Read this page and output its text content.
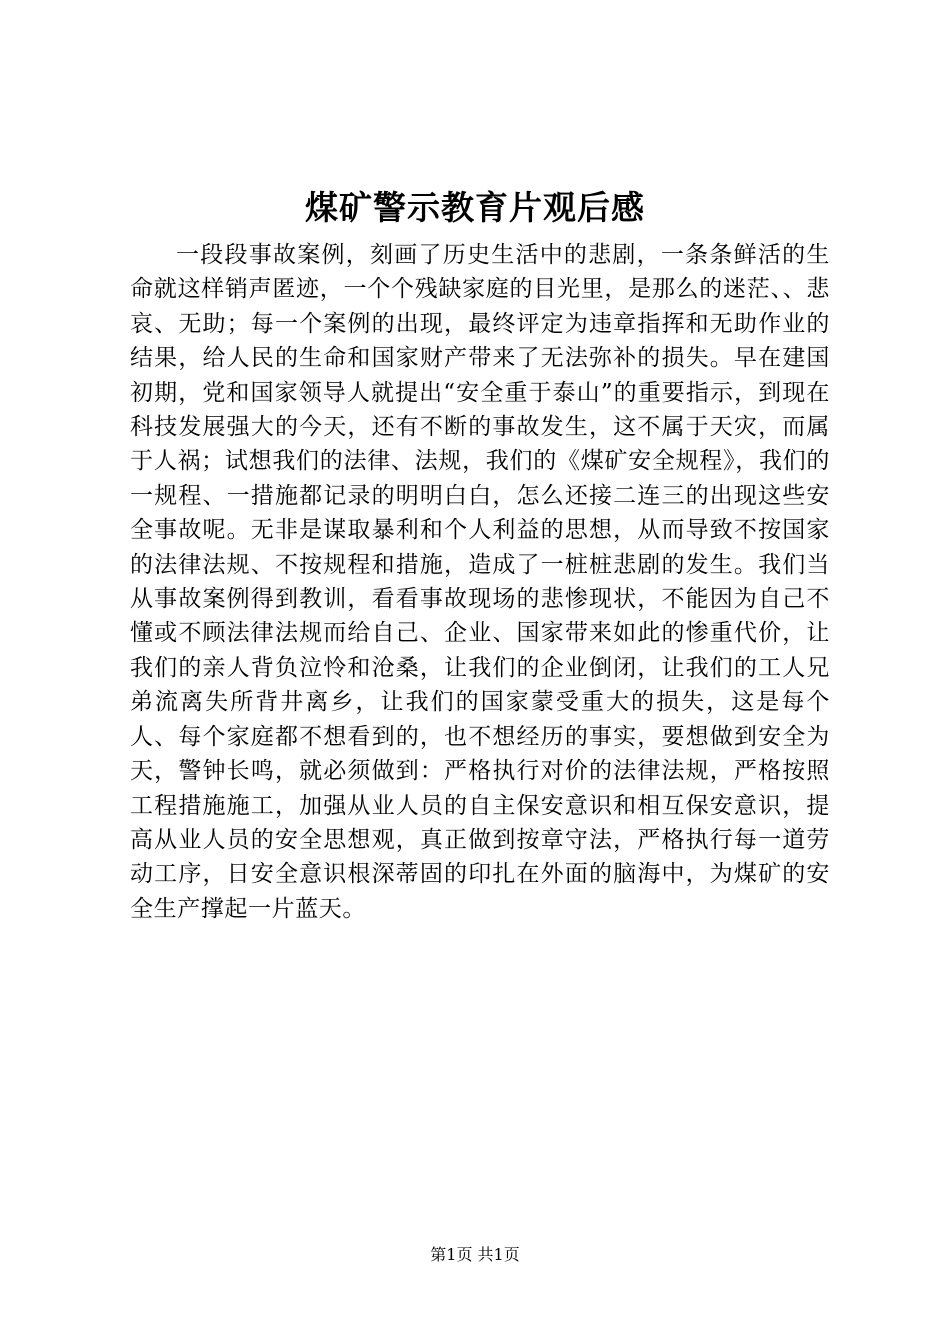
煤矿警示教育片观后感

一段段事故案例，刻画了历史生活中的悲剧，一条条鲜活的生命就这样销声匿迹，一个个残缺家庭的目光里，是那么的迷茫、、悲哀、无助；每一个案例的出现，最终评定为违章指挥和无助作业的结果，给人民的生命和国家财产带来了无法弥补的损失。早在建国初期，党和国家领导人就提出“安全重于泰山”的重要指示，到现在科技发展强大的今天，还有不断的事故发生，这不属于天灾，而属于人祸；试想我们的法律、法规，我们的《煤矿安全规程》，我们的一规程、一措施都记录的明明白白，怎么还接二连三的出现这些安全事故呢。无非是谋取暴利和个人利益的思想，从而导致不按国家的法律法规、不按规程和措施，造成了一桩桩悲剧的发生。我们当从事故案例得到教训，看看事故现场的悲惨现状，不能因为自己不懂或不顾法律法规而给自己、企业、国家带来如此的惨重代价，让我们的亲人背负泣怜和沧桑，让我们的企业倒闭，让我们的工人兄弟流离失所背井离乡，让我们的国家蒙受重大的损失，这是每个人、每个家庭都不想看到的，也不想经历的事实，要想做到安全为天，警钟长鸣，就必须做到：严格执行对价的法律法规，严格按照工程措施施工，加强从业人员的自主保安意识和相互保安意识，提高从业人员的安全思想观，真正做到按章守法，严格执行每一道劳动工序，日安全意识根深蒂固的印扎在外面的脑海中，为煤矿的安全生产撑起一片蓝天。

第1页 共1页
